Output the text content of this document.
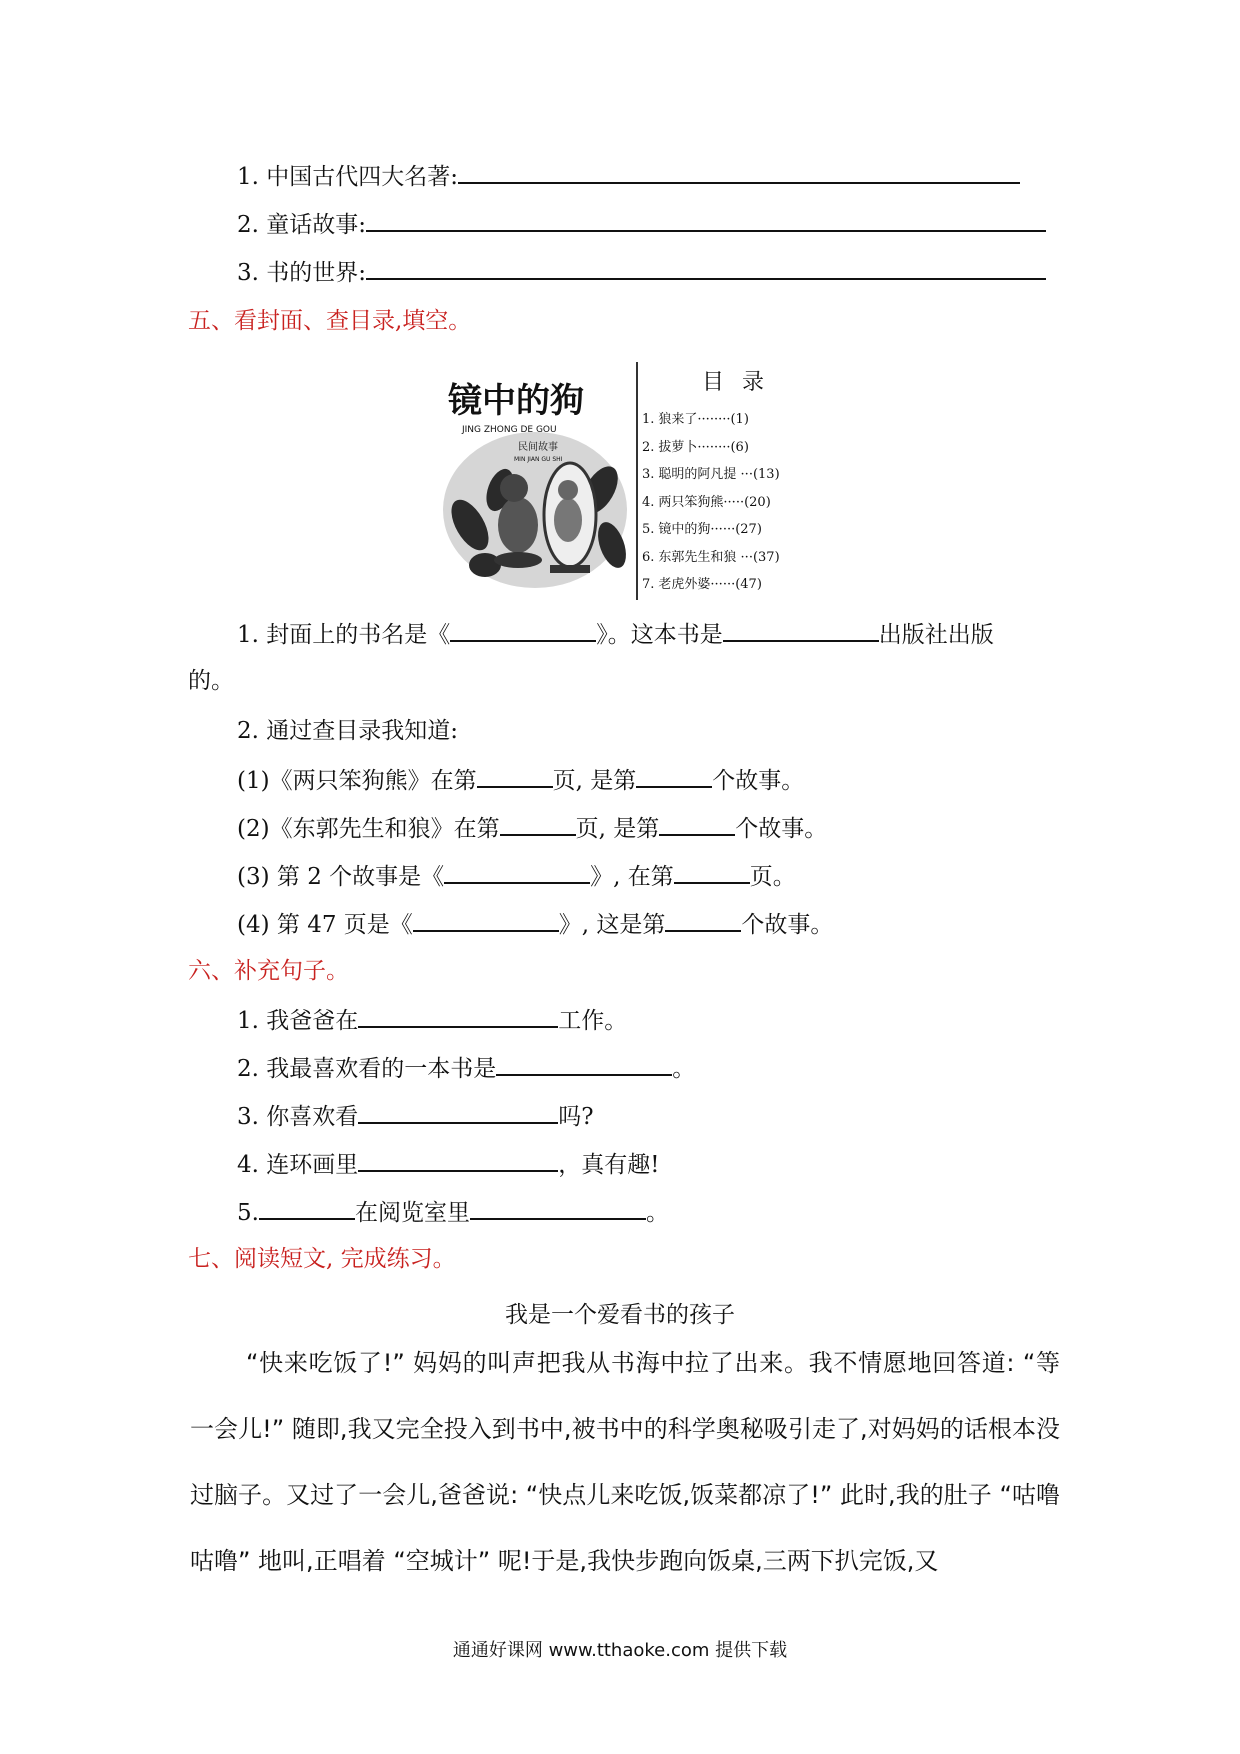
1. 中国古代四大名著:
2. 童话故事:
3. 书的世界:
五、看封面、查目录,填空。
镜中的狗
JING ZHONG DE GOU
民间故事
MIN JIAN GU SHI
目录
1. 狼来了········(1)
2. 拔萝卜········(6)
3. 聪明的阿凡提 ···(13)
4. 两只笨狗熊·····(20)
5. 镜中的狗······(27)
6. 东郭先生和狼 ···(37)
7. 老虎外婆······(47)
1. 封面上的书名是《	》。这本书是	出版社出版
的。
2. 通过查目录我知道:
(1)《两只笨狗熊》在第	页, 是第	个故事。
(2)《东郭先生和狼》在第	页, 是第	个故事。
(3) 第 2 个故事是《	》, 在第	页。
(4) 第 47 页是《	》, 这是第	个故事。
六、补充句子。
1. 我爸爸在	工作。
2. 我最喜欢看的一本书是	。
3. 你喜欢看	吗?
4. 连环画里	，真有趣!
5.	在阅览室里	。
七、阅读短文, 完成练习。
我是一个爱看书的孩子

“快来吃饭了!” 妈妈的叫声把我从书海中拉了出来。我不情愿地回答道: “等一会儿!” 随即,我又完全投入到书中,被书中的科学奥秘吸引走了,对妈妈的话根本没过脑子。又过了一会儿,爸爸说: “快点儿来吃饭,饭菜都凉了!” 此时,我的肚子 “咕噜咕噜” 地叫,正唱着 “空城计” 呢!于是,我快步跑向饭桌,三两下扒完饭,又

通通好课网 www.tthaoke.com 提供下载
